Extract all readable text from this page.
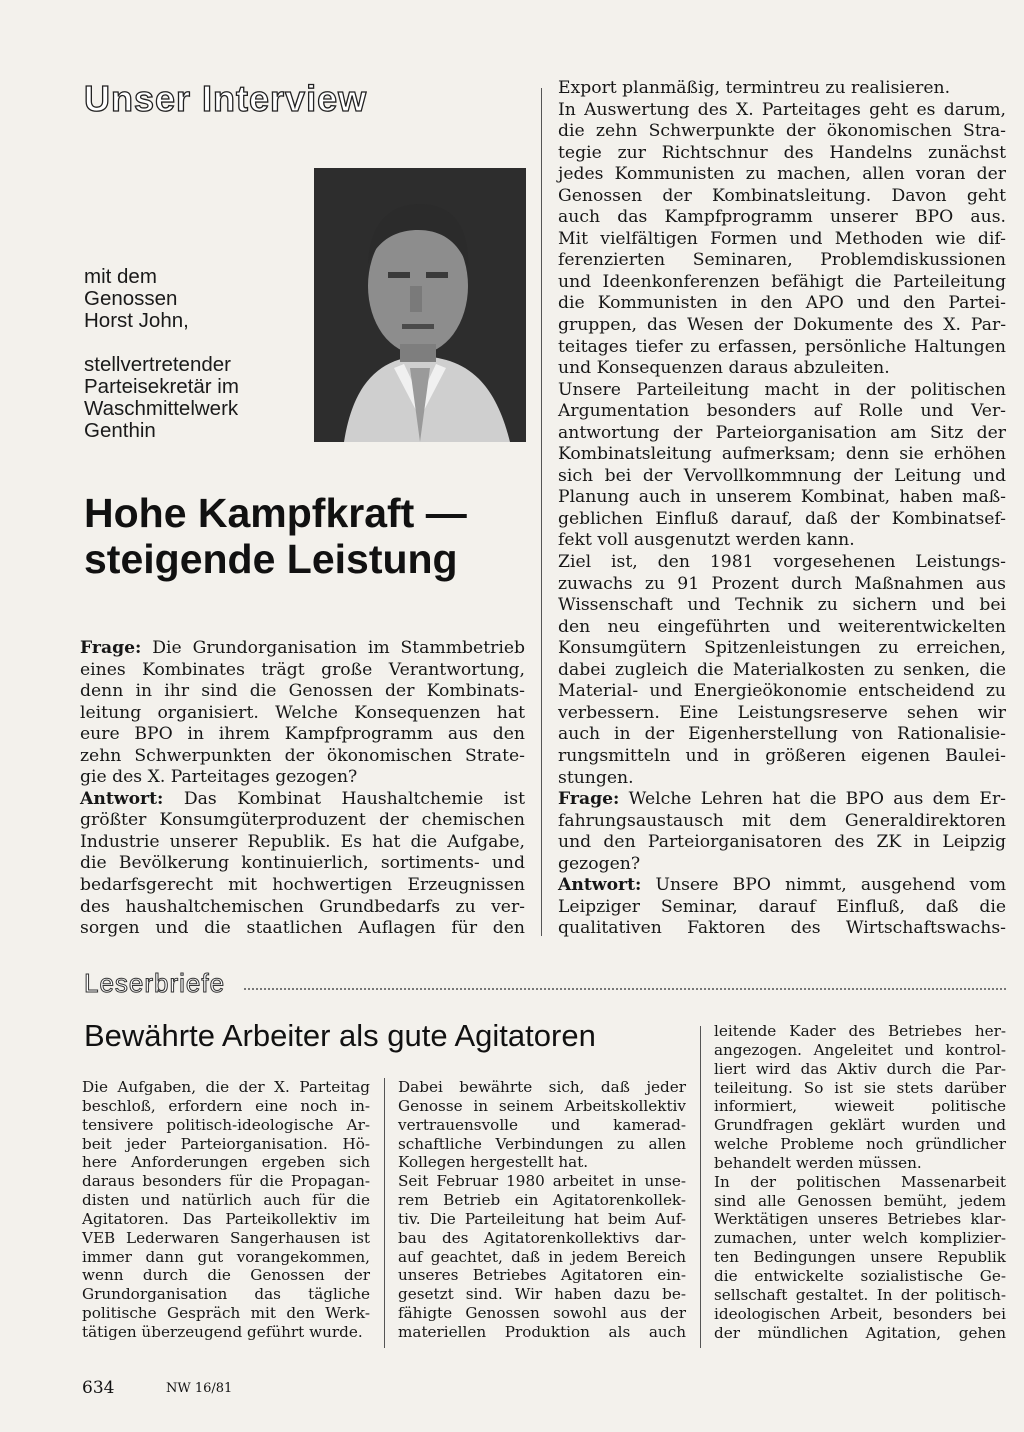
Unser Interview
mit dem
Genossen
Horst John,
stellvertretender
Parteisekretär im
Waschmittelwerk
Genthin
Hohe Kampfkraft —
steigende Leistung
Frage: Die Grundorganisation im Stammbetrieb
eines Kombinates trägt große Verantwortung,
denn in ihr sind die Genossen der Kombinats-
leitung organisiert. Welche Konsequenzen hat
eure BPO in ihrem Kampfprogramm aus den
zehn Schwerpunkten der ökonomischen Strate-
gie des X. Parteitages gezogen?
Antwort: Das Kombinat Haushaltchemie ist
größter Konsumgüterproduzent der chemischen
Industrie unserer Republik. Es hat die Aufgabe,
die Bevölkerung kontinuierlich, sortiments- und
bedarfsgerecht mit hochwertigen Erzeugnissen
des haushaltchemischen Grundbedarfs zu ver-
sorgen und die staatlichen Auflagen für den
Export planmäßig, termintreu zu realisieren.
In Auswertung des X. Parteitages geht es darum,
die zehn Schwerpunkte der ökonomischen Stra-
tegie zur Richtschnur des Handelns zunächst
jedes Kommunisten zu machen, allen voran der
Genossen der Kombinatsleitung. Davon geht
auch das Kampfprogramm unserer BPO aus.
Mit vielfältigen Formen und Methoden wie dif-
ferenzierten Seminaren, Problemdiskussionen
und Ideenkonferenzen befähigt die Parteileitung
die Kommunisten in den APO und den Partei-
gruppen, das Wesen der Dokumente des X. Par-
teitages tiefer zu erfassen, persönliche Haltungen
und Konsequenzen daraus abzuleiten.
Unsere Parteileitung macht in der politischen
Argumentation besonders auf Rolle und Ver-
antwortung der Parteiorganisation am Sitz der
Kombinatsleitung aufmerksam; denn sie erhöhen
sich bei der Vervollkommnung der Leitung und
Planung auch in unserem Kombinat, haben maß-
geblichen Einfluß darauf, daß der Kombinatsef-
fekt voll ausgenutzt werden kann.
Ziel ist, den 1981 vorgesehenen Leistungs-
zuwachs zu 91 Prozent durch Maßnahmen aus
Wissenschaft und Technik zu sichern und bei
den neu eingeführten und weiterentwickelten
Konsumgütern Spitzenleistungen zu erreichen,
dabei zugleich die Materialkosten zu senken, die
Material- und Energieökonomie entscheidend zu
verbessern. Eine Leistungsreserve sehen wir
auch in der Eigenherstellung von Rationalisie-
rungsmitteln und in größeren eigenen Baulei-
stungen.
Frage: Welche Lehren hat die BPO aus dem Er-
fahrungsaustausch mit dem Generaldirektoren
und den Parteiorganisatoren des ZK in Leipzig
gezogen?
Antwort: Unsere BPO nimmt, ausgehend vom
Leipziger Seminar, darauf Einfluß, daß die
qualitativen Faktoren des Wirtschaftswachs-
Leserbriefe
Bewährte Arbeiter als gute Agitatoren
Die Aufgaben, die der X. Parteitag
beschloß, erfordern eine noch in-
tensivere politisch-ideologische Ar-
beit jeder Parteiorganisation. Hö-
here Anforderungen ergeben sich
daraus besonders für die Propagan-
disten und natürlich auch für die
Agitatoren. Das Parteikollektiv im
VEB Lederwaren Sangerhausen ist
immer dann gut vorangekommen,
wenn durch die Genossen der
Grundorganisation das tägliche
politische Gespräch mit den Werk-
tätigen überzeugend geführt wurde.
Dabei bewährte sich, daß jeder
Genosse in seinem Arbeitskollektiv
vertrauensvolle und kamerad-
schaftliche Verbindungen zu allen
Kollegen hergestellt hat.
Seit Februar 1980 arbeitet in unse-
rem Betrieb ein Agitatorenkollek-
tiv. Die Parteileitung hat beim Auf-
bau des Agitatorenkollektivs dar-
auf geachtet, daß in jedem Bereich
unseres Betriebes Agitatoren ein-
gesetzt sind. Wir haben dazu be-
fähigte Genossen sowohl aus der
materiellen Produktion als auch
leitende Kader des Betriebes her-
angezogen. Angeleitet und kontrol-
liert wird das Aktiv durch die Par-
teileitung. So ist sie stets darüber
informiert, wieweit politische
Grundfragen geklärt wurden und
welche Probleme noch gründlicher
behandelt werden müssen.
In der politischen Massenarbeit
sind alle Genossen bemüht, jedem
Werktätigen unseres Betriebes klar-
zumachen, unter welch komplizier-
ten Bedingungen unsere Republik
die entwickelte sozialistische Ge-
sellschaft gestaltet. In der politisch-
ideologischen Arbeit, besonders bei
der mündlichen Agitation, gehen
634	NW 16/81
